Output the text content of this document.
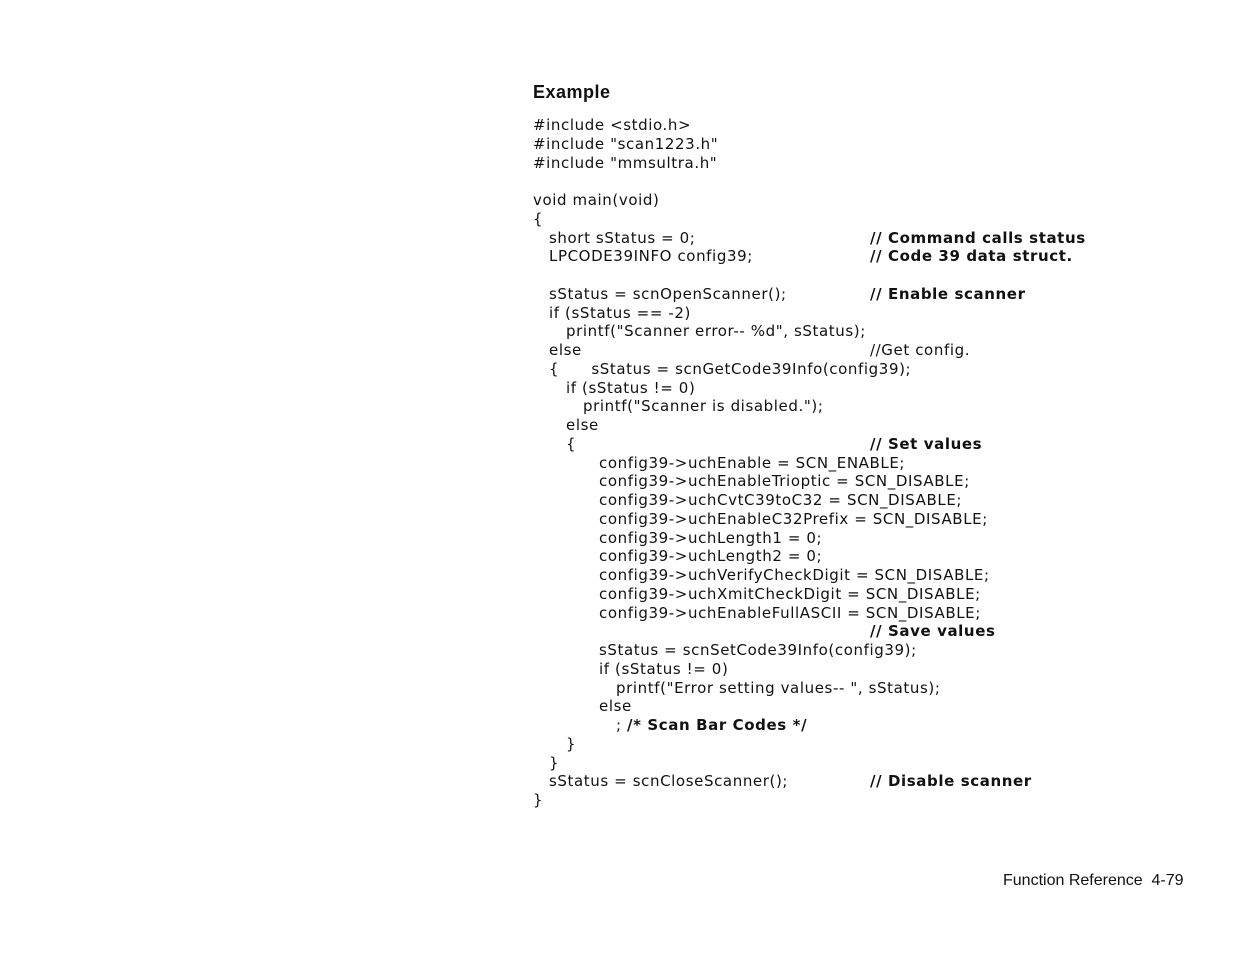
Example
#include <stdio.h>
#include "scan1223.h"
#include "mmsultra.h"
void main(void)
{
short sStatus = 0;	// Command calls status
LPCODE39INFO config39;	// Code 39 data struct.
sStatus = scnOpenScanner();	// Enable scanner
if (sStatus == -2)
printf("Scanner error-- %d", sStatus);
else	//Get config.
{      sStatus = scnGetCode39Info(config39);
if (sStatus != 0)
printf("Scanner is disabled.");
else
{	// Set values
config39->uchEnable = SCN_ENABLE;
config39->uchEnableTrioptic = SCN_DISABLE;
config39->uchCvtC39toC32 = SCN_DISABLE;
config39->uchEnableC32Prefix = SCN_DISABLE;
config39->uchLength1 = 0;
config39->uchLength2 = 0;
config39->uchVerifyCheckDigit = SCN_DISABLE;
config39->uchXmitCheckDigit = SCN_DISABLE;
config39->uchEnableFullASCII = SCN_DISABLE;
// Save values
sStatus = scnSetCode39Info(config39);
if (sStatus != 0)
printf("Error setting values-- ", sStatus);
else
; /* Scan Bar Codes */
}
}
sStatus = scnCloseScanner();	// Disable scanner
}
Function Reference  4-79
